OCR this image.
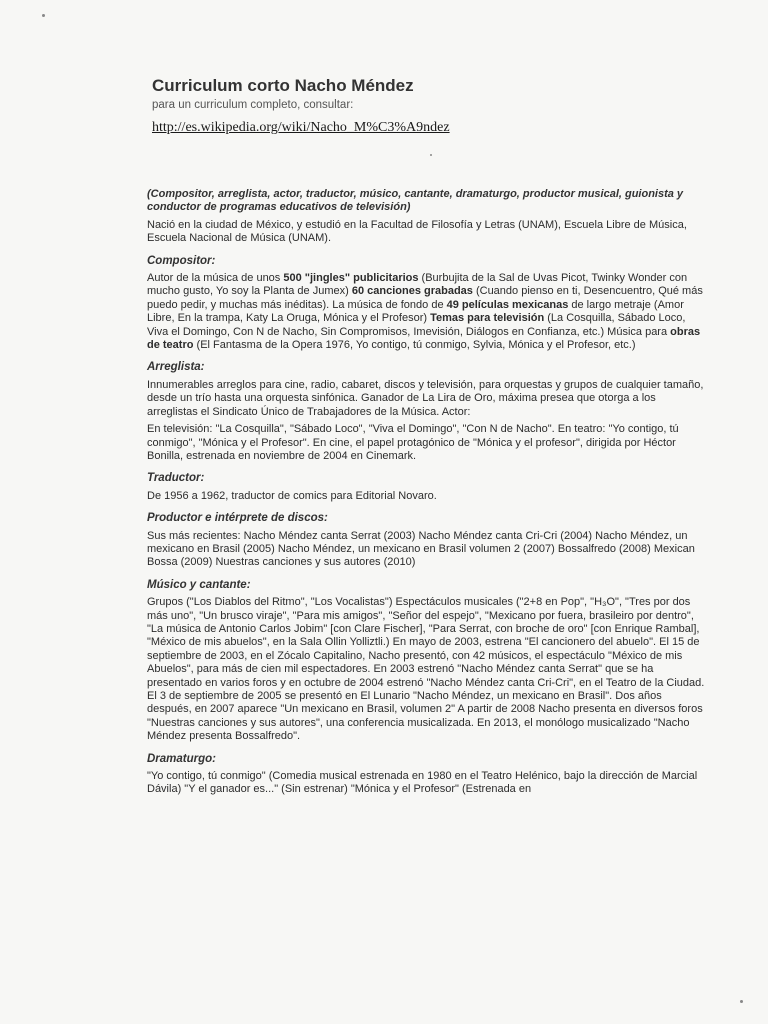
Curriculum corto Nacho Méndez
para un curriculum completo, consultar:
http://es.wikipedia.org/wiki/Nacho_M%C3%A9ndez

(Compositor, arreglista, actor, traductor, músico, cantante, dramaturgo, productor musical, guionista y conductor de programas educativos de televisión)

Nació en la ciudad de México, y estudió en la Facultad de Filosofía y Letras (UNAM), Escuela Libre de Música, Escuela Nacional de Música (UNAM).

Compositor:

Autor de la música de unos 500 "jingles" publicitarios (Burbujita de la Sal de Uvas Picot, Twinky Wonder con mucho gusto, Yo soy la Planta de Jumex) 60 canciones grabadas (Cuando pienso en ti, Desencuentro, Qué más puedo pedir, y muchas más inéditas). La música de fondo de 49 películas mexicanas de largo metraje (Amor Libre, En la trampa, Katy La Oruga, Mónica y el Profesor) Temas para televisión (La Cosquilla, Sábado Loco, Viva el Domingo, Con N de Nacho, Sin Compromisos, Imevisión, Diálogos en Confianza, etc.) Música para obras de teatro (El Fantasma de la Opera 1976, Yo contigo, tú conmigo, Sylvia, Mónica y el Profesor, etc.)

Arreglista:

Innumerables arreglos para cine, radio, cabaret, discos y televisión, para orquestas y grupos de cualquier tamaño, desde un trío hasta una orquesta sinfónica. Ganador de La Lira de Oro, máxima presea que otorga a los arreglistas el Sindicato Único de Trabajadores de la Música. Actor:

En televisión: "La Cosquilla", "Sábado Loco", "Viva el Domingo", "Con N de Nacho". En teatro: "Yo contigo, tú conmigo", "Mónica y el Profesor". En cine, el papel protagónico de "Mónica y el profesor", dirigida por Héctor Bonilla, estrenada en noviembre de 2004 en Cinemark.

Traductor:

De 1956 a 1962, traductor de comics para Editorial Novaro.

Productor e intérprete de discos:

Sus más recientes: Nacho Méndez canta Serrat (2003) Nacho Méndez canta Cri-Cri (2004) Nacho Méndez, un mexicano en Brasil (2005) Nacho Méndez, un mexicano en Brasil volumen 2 (2007) Bossalfredo (2008) Mexican Bossa (2009) Nuestras canciones y sus autores (2010)

Músico y cantante:

Grupos ("Los Diablos del Ritmo", "Los Vocalistas") Espectáculos musicales ("2+8 en Pop", "H₃O", "Tres por dos más uno", "Un brusco viraje", "Para mis amigos", "Señor del espejo", "Mexicano por fuera, brasileiro por dentro", "La música de Antonio Carlos Jobim" [con Clare Fischer], "Para Serrat, con broche de oro" [con Enrique Rambal], "México de mis abuelos", en la Sala Ollin Yolliztli.) En mayo de 2003, estrena "El cancionero del abuelo". El 15 de septiembre de 2003, en el Zócalo Capitalino, Nacho presentó, con 42 músicos, el espectáculo "México de mis Abuelos", para más de cien mil espectadores. En 2003 estrenó "Nacho Méndez canta Serrat" que se ha presentado en varios foros y en octubre de 2004 estrenó "Nacho Méndez canta Cri-Cri", en el Teatro de la Ciudad. El 3 de septiembre de 2005 se presentó en El Lunario "Nacho Méndez, un mexicano en Brasil". Dos años después, en 2007 aparece "Un mexicano en Brasil, volumen 2" A partir de 2008 Nacho presenta en diversos foros "Nuestras canciones y sus autores", una conferencia musicalizada. En 2013, el monólogo musicalizado "Nacho Méndez presenta Bossalfredo".

Dramaturgo:

"Yo contigo, tú conmigo" (Comedia musical estrenada en 1980 en el Teatro Helénico, bajo la dirección de Marcial Dávila) "Y el ganador es..." (Sin estrenar) "Mónica y el Profesor" (Estrenada en
